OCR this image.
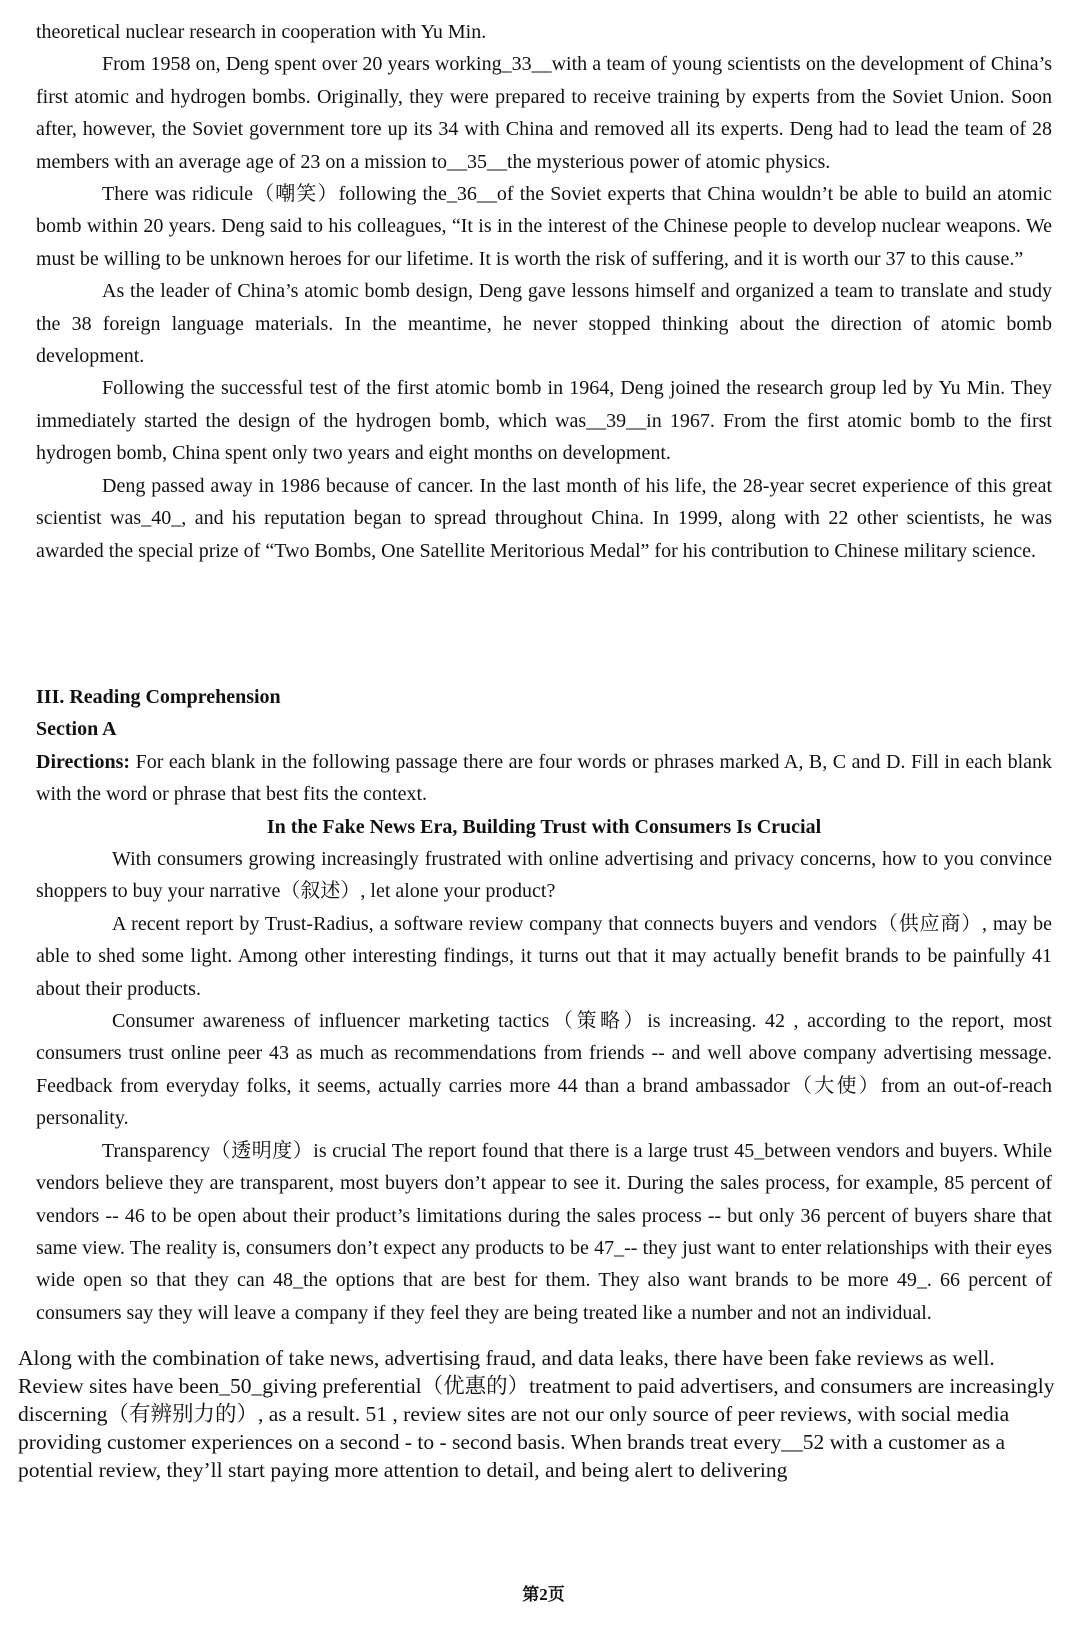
theoretical nuclear research in cooperation with Yu Min.

From 1958 on, Deng spent over 20 years working_33__with a team of young scientists on the development of China’s first atomic and hydrogen bombs. Originally, they were prepared to receive training by experts from the Soviet Union. Soon after, however, the Soviet government tore up its 34 with China and removed all its experts. Deng had to lead the team of 28 members with an average age of 23 on a mission to__35__the mysterious power of atomic physics.

There was ridicule（嘲笑）following the_36__of the Soviet experts that China wouldn’t be able to build an atomic bomb within 20 years. Deng said to his colleagues, “It is in the interest of the Chinese people to develop nuclear weapons. We must be willing to be unknown heroes for our lifetime. It is worth the risk of suffering, and it is worth our 37 to this cause.”

As the leader of China’s atomic bomb design, Deng gave lessons himself and organized a team to translate and study the 38 foreign language materials. In the meantime, he never stopped thinking about the direction of atomic bomb development.

Following the successful test of the first atomic bomb in 1964, Deng joined the research group led by Yu Min. They immediately started the design of the hydrogen bomb, which was__39__in 1967. From the first atomic bomb to the first hydrogen bomb, China spent only two years and eight months on development.

Deng passed away in 1986 because of cancer. In the last month of his life, the 28-year secret experience of this great scientist was_40_, and his reputation began to spread throughout China. In 1999, along with 22 other scientists, he was awarded the special prize of “Two Bombs, One Satellite Meritorious Medal” for his contribution to Chinese military science.

III. Reading Comprehension

Section A

Directions: For each blank in the following passage there are four words or phrases marked A, B, C and D. Fill in each blank with the word or phrase that best fits the context.

In the Fake News Era, Building Trust with Consumers Is Crucial

With consumers growing increasingly frustrated with online advertising and privacy concerns, how to you convince shoppers to buy your narrative（叙述）, let alone your product?

A recent report by Trust-Radius, a software review company that connects buyers and vendors（供应商）, may be able to shed some light. Among other interesting findings, it turns out that it may actually benefit brands to be painfully 41 about their products.

Consumer awareness of influencer marketing tactics（策略）is increasing. 42 , according to the report, most consumers trust online peer 43 as much as recommendations from friends -- and well above company advertising message. Feedback from everyday folks, it seems, actually carries more 44 than a brand ambassador（大使）from an out-of-reach personality.

Transparency（透明度）is crucial The report found that there is a large trust 45_between vendors and buyers. While vendors believe they are transparent, most buyers don’t appear to see it. During the sales process, for example, 85 percent of vendors -- 46 to be open about their product’s limitations during the sales process -- but only 36 percent of buyers share that same view. The reality is, consumers don’t expect any products to be 47_-- they just want to enter relationships with their eyes wide open so that they can 48_the options that are best for them. They also want brands to be more 49_. 66 percent of consumers say they will leave a company if they feel they are being treated like a number and not an individual.

Along with the combination of take news, advertising fraud, and data leaks, there have been fake reviews as well. Review sites have been_50_giving preferential（优惠的）treatment to paid advertisers, and consumers are increasingly discerning（有辨别力的）, as a result. 51 , review sites are not our only source of peer reviews, with social media providing customer experiences on a second - to - second basis. When brands treat every__52 with a customer as a potential review, they’ll start paying more attention to detail, and being alert to delivering

第2页
